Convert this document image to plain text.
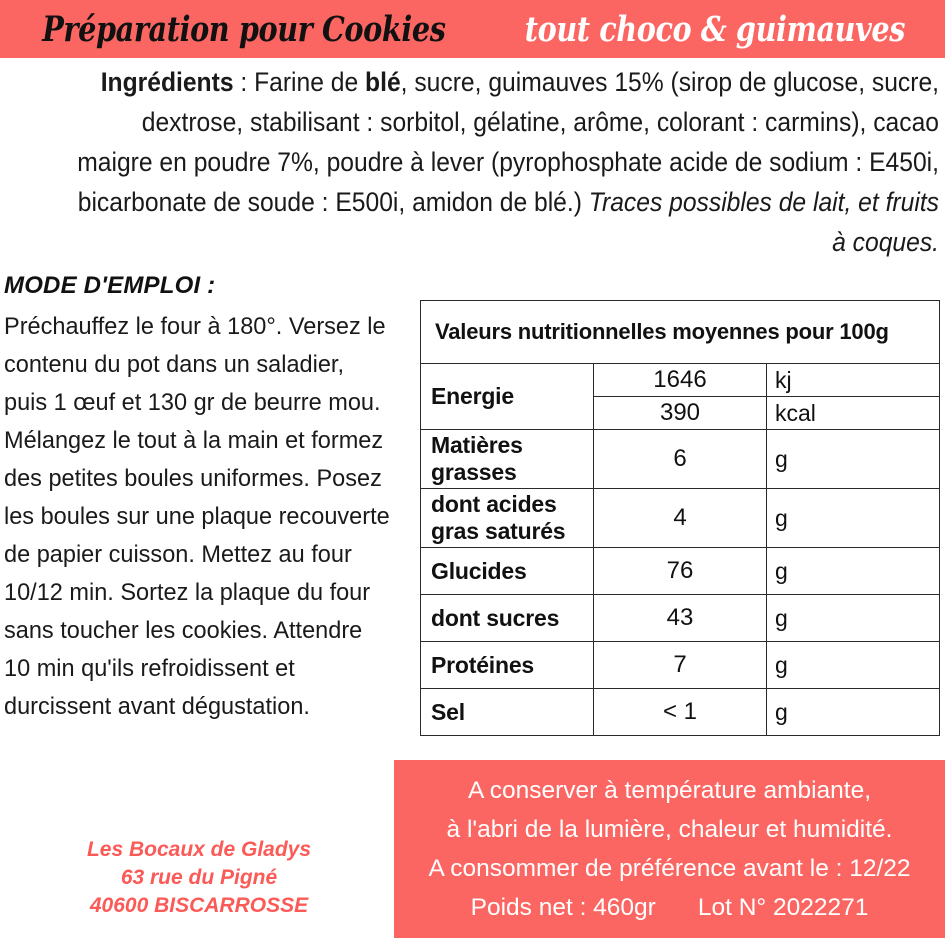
Préparation pour Cookies tout choco & guimauves
Ingrédients : Farine de blé, sucre, guimauves 15% (sirop de glucose, sucre, dextrose, stabilisant : sorbitol, gélatine, arôme, colorant : carmins), cacao maigre en poudre 7%, poudre à lever (pyrophosphate acide de sodium : E450i, bicarbonate de soude : E500i, amidon de blé.) Traces possibles de lait, et fruits à coques.
MODE D'EMPLOI :
Préchauffez le four à 180°. Versez le contenu du pot dans un saladier, puis 1 œuf et 130 gr de beurre mou. Mélangez le tout à la main et formez des petites boules uniformes. Posez les boules sur une plaque recouverte de papier cuisson. Mettez au four 10/12 min. Sortez la plaque du four sans toucher les cookies. Attendre 10 min qu'ils refroidissent et durcissent avant dégustation.
Les Bocaux de Gladys
63 rue du Pigné
40600 BISCARROSSE
Valeurs nutritionnelles moyennes pour 100g		
Energie	1646	kj
	390	kcal
Matières grasses	6	g
dont acides gras saturés	4	g
Glucides	76	g
dont sucres	43	g
Protéines	7	g
Sel	< 1	g
A conserver à température ambiante,
à l'abri de la lumière, chaleur et humidité.
A consommer de préférence avant le : 12/22
Poids net : 460gr Lot N° 2022271
